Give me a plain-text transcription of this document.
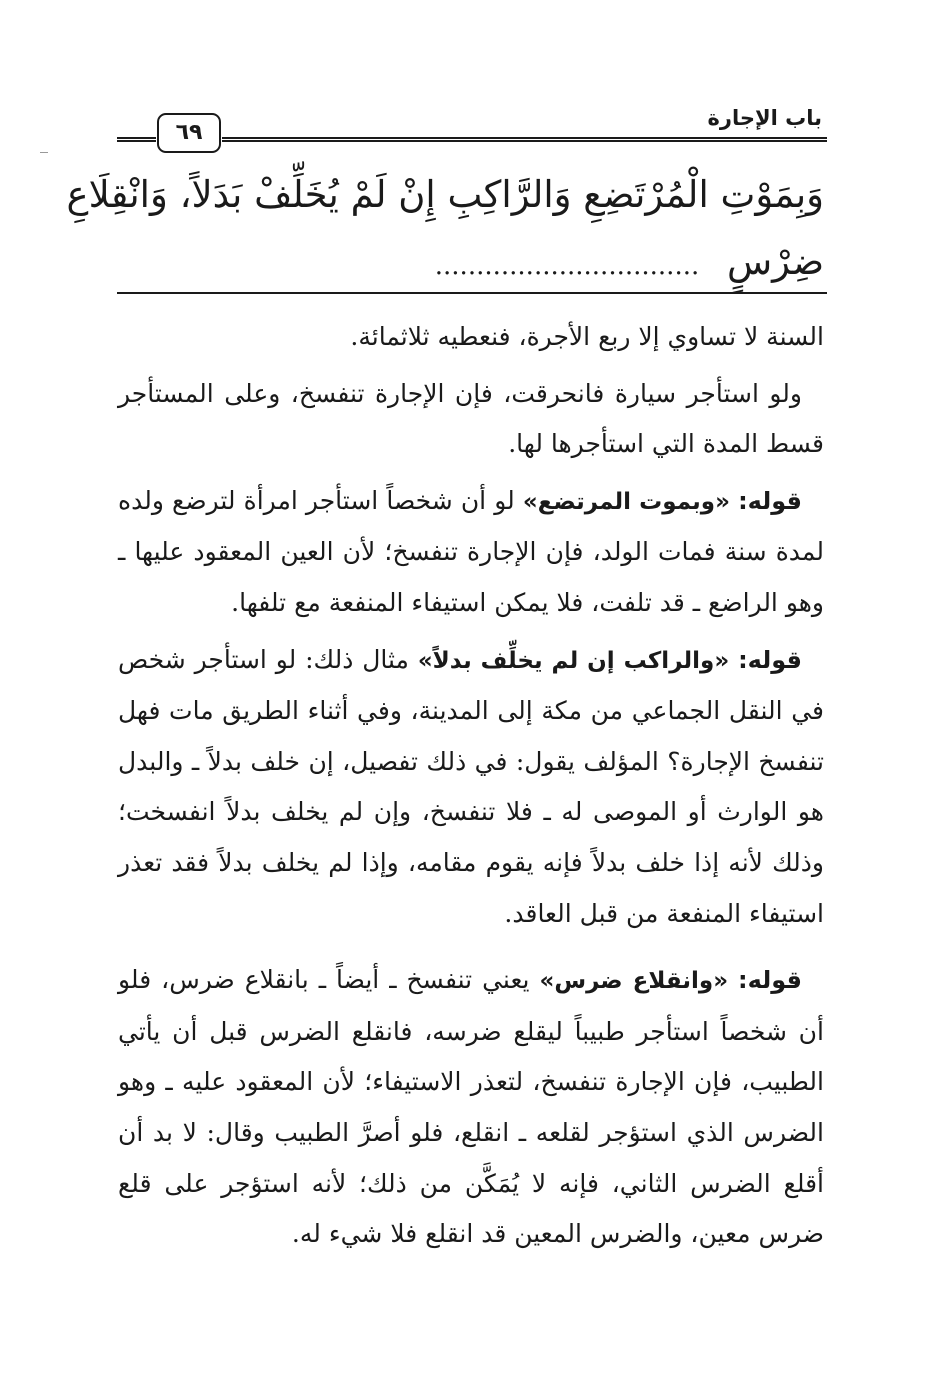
باب الإجارة
٦٩
وَبِمَوْتِ الْمُرْتَضِعِ وَالرَّاكِبِ إِنْ لَمْ يُخَلِّفْ بَدَلاً، وَانْقِلَاعِ
ضِرْسٍ ................................

السنة لا تساوي إلا ربع الأجرة، فنعطيه ثلاثمائة.

ولو استأجر سيارة فانحرقت، فإن الإجارة تنفسخ، وعلى المستأجر قسط المدة التي استأجرها لها.

قوله: «وبموت المرتضع» لو أن شخصاً استأجر امرأة لترضع ولده لمدة سنة فمات الولد، فإن الإجارة تنفسخ؛ لأن العين المعقود عليها ـ وهو الراضع ـ قد تلفت، فلا يمكن استيفاء المنفعة مع تلفها.

قوله: «والراكب إن لم يخلِّف بدلاً» مثال ذلك: لو استأجر شخص في النقل الجماعي من مكة إلى المدينة، وفي أثناء الطريق مات فهل تنفسخ الإجارة؟ المؤلف يقول: في ذلك تفصيل، إن خلف بدلاً ـ والبدل هو الوارث أو الموصى له ـ فلا تنفسخ، وإن لم يخلف بدلاً انفسخت؛ وذلك لأنه إذا خلف بدلاً فإنه يقوم مقامه، وإذا لم يخلف بدلاً فقد تعذر استيفاء المنفعة من قبل العاقد.

قوله: «وانقلاع ضرس» يعني تنفسخ ـ أيضاً ـ بانقلاع ضرس، فلو أن شخصاً استأجر طبيباً ليقلع ضرسه، فانقلع الضرس قبل أن يأتي الطبيب، فإن الإجارة تنفسخ، لتعذر الاستيفاء؛ لأن المعقود عليه ـ وهو الضرس الذي استؤجر لقلعه ـ انقلع، فلو أصرَّ الطبيب وقال: لا بد أن أقلع الضرس الثاني، فإنه لا يُمَكَّن من ذلك؛ لأنه استؤجر على قلع ضرس معين، والضرس المعين قد انقلع فلا شيء له.
